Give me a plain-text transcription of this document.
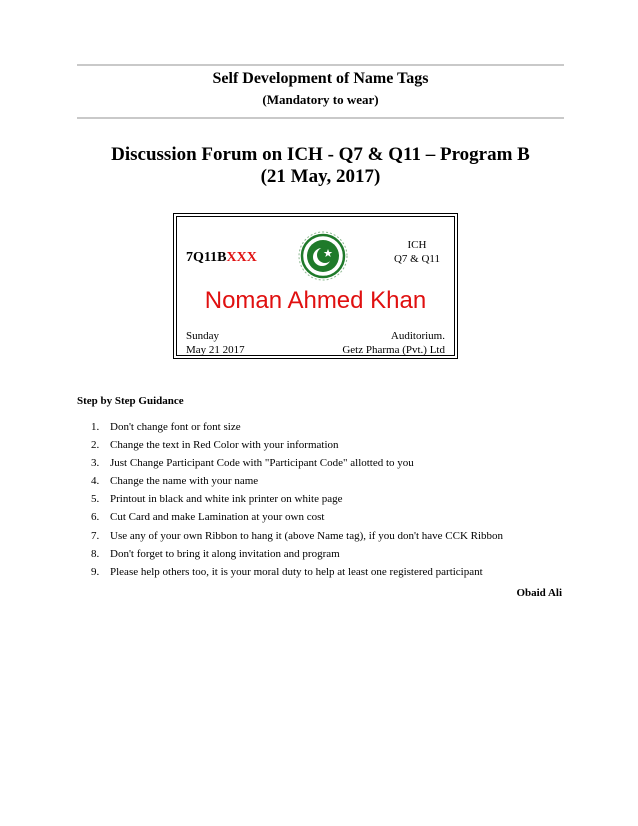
Self Development of Name Tags
(Mandatory to wear)
Discussion Forum on ICH - Q7 & Q11 – Program B
(21 May, 2017)
7Q11BXXX
ICH
Q7 & Q11
Noman Ahmed Khan
Sunday
May 21 2017
Auditorium.
Getz Pharma (Pvt.) Ltd
Step by Step Guidance
1. Don't change font or font size
2. Change the text in Red Color with your information
3. Just Change Participant Code with "Participant Code" allotted to you
4. Change the name with your name
5. Printout in black and white ink printer on white page
6. Cut Card and make Lamination at your own cost
7. Use any of your own Ribbon to hang it (above Name tag), if you don't have CCK Ribbon
8. Don't forget to bring it along invitation and program
9. Please help others too, it is your moral duty to help at least one registered participant
Obaid Ali
